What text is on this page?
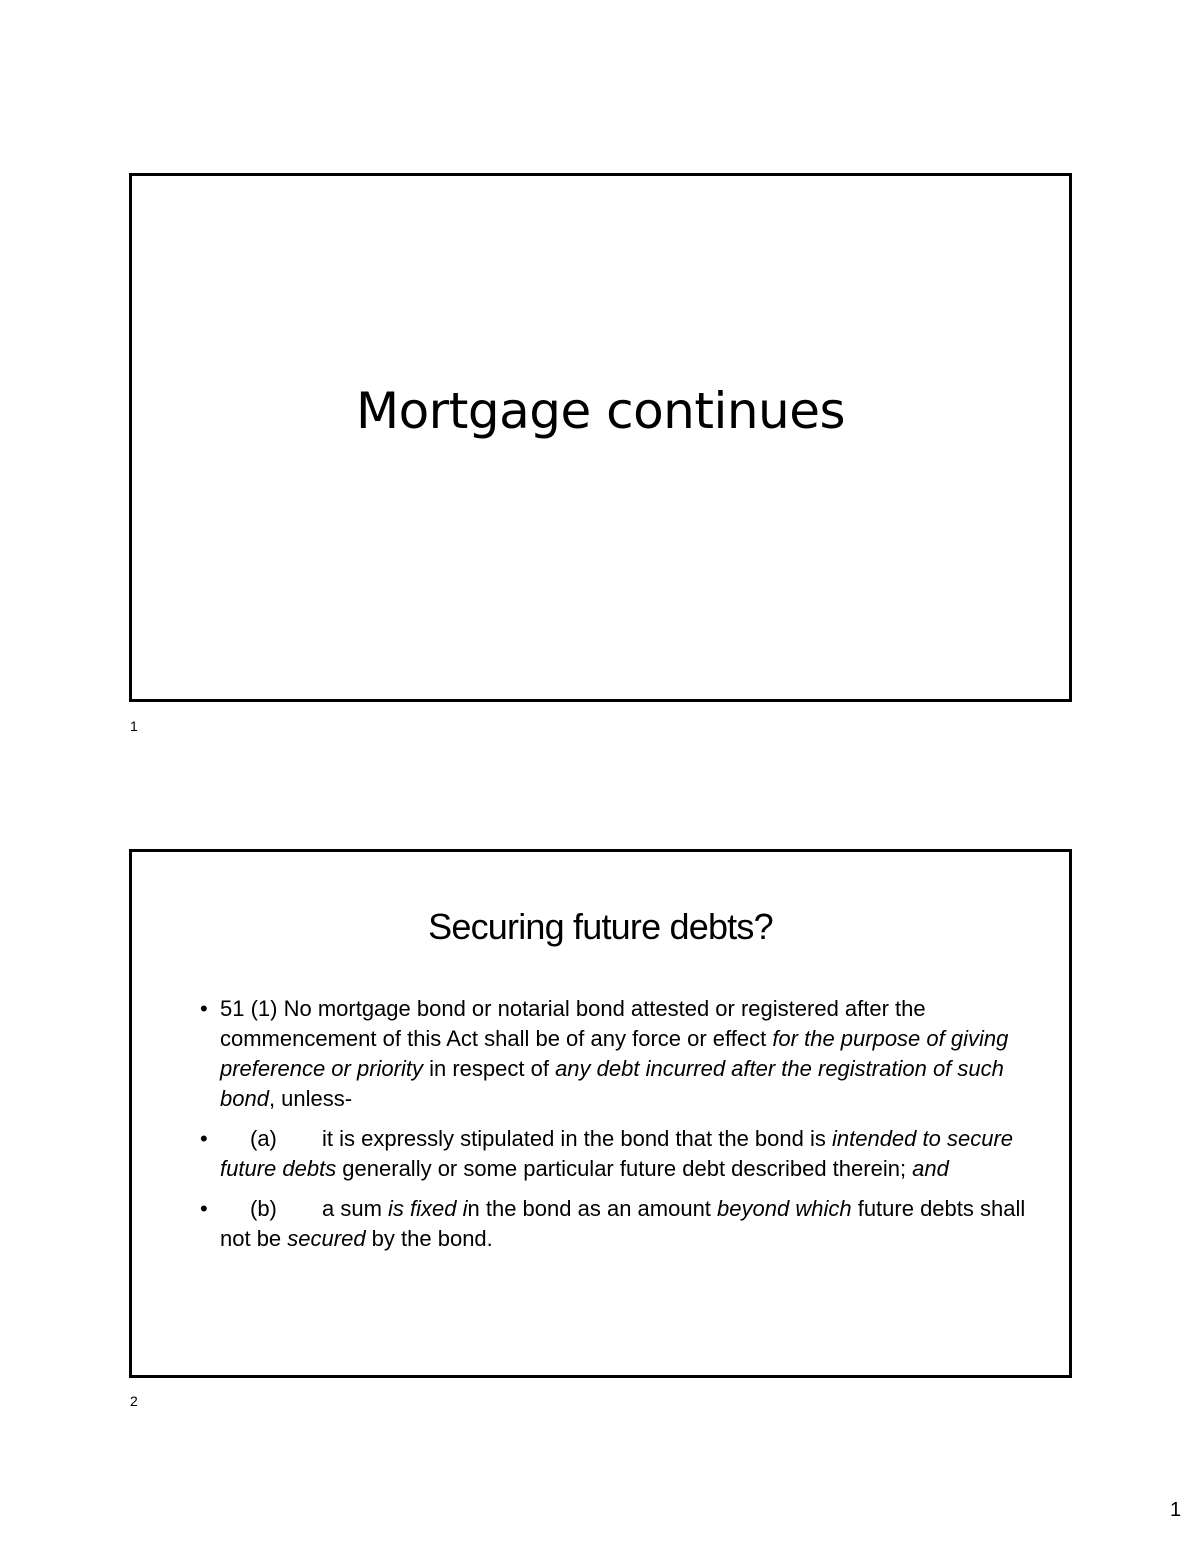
Mortgage continues
1
Securing future debts?
• 51 (1) No mortgage bond or notarial bond attested or registered after the commencement of this Act shall be of any force or effect for the purpose of giving preference or priority in respect of any debt incurred after the registration of such bond, unless-
• (a) it is expressly stipulated in the bond that the bond is intended to secure future debts generally or some particular future debt described therein; and
• (b) a sum is fixed in the bond as an amount beyond which future debts shall not be secured by the bond.
2
1
